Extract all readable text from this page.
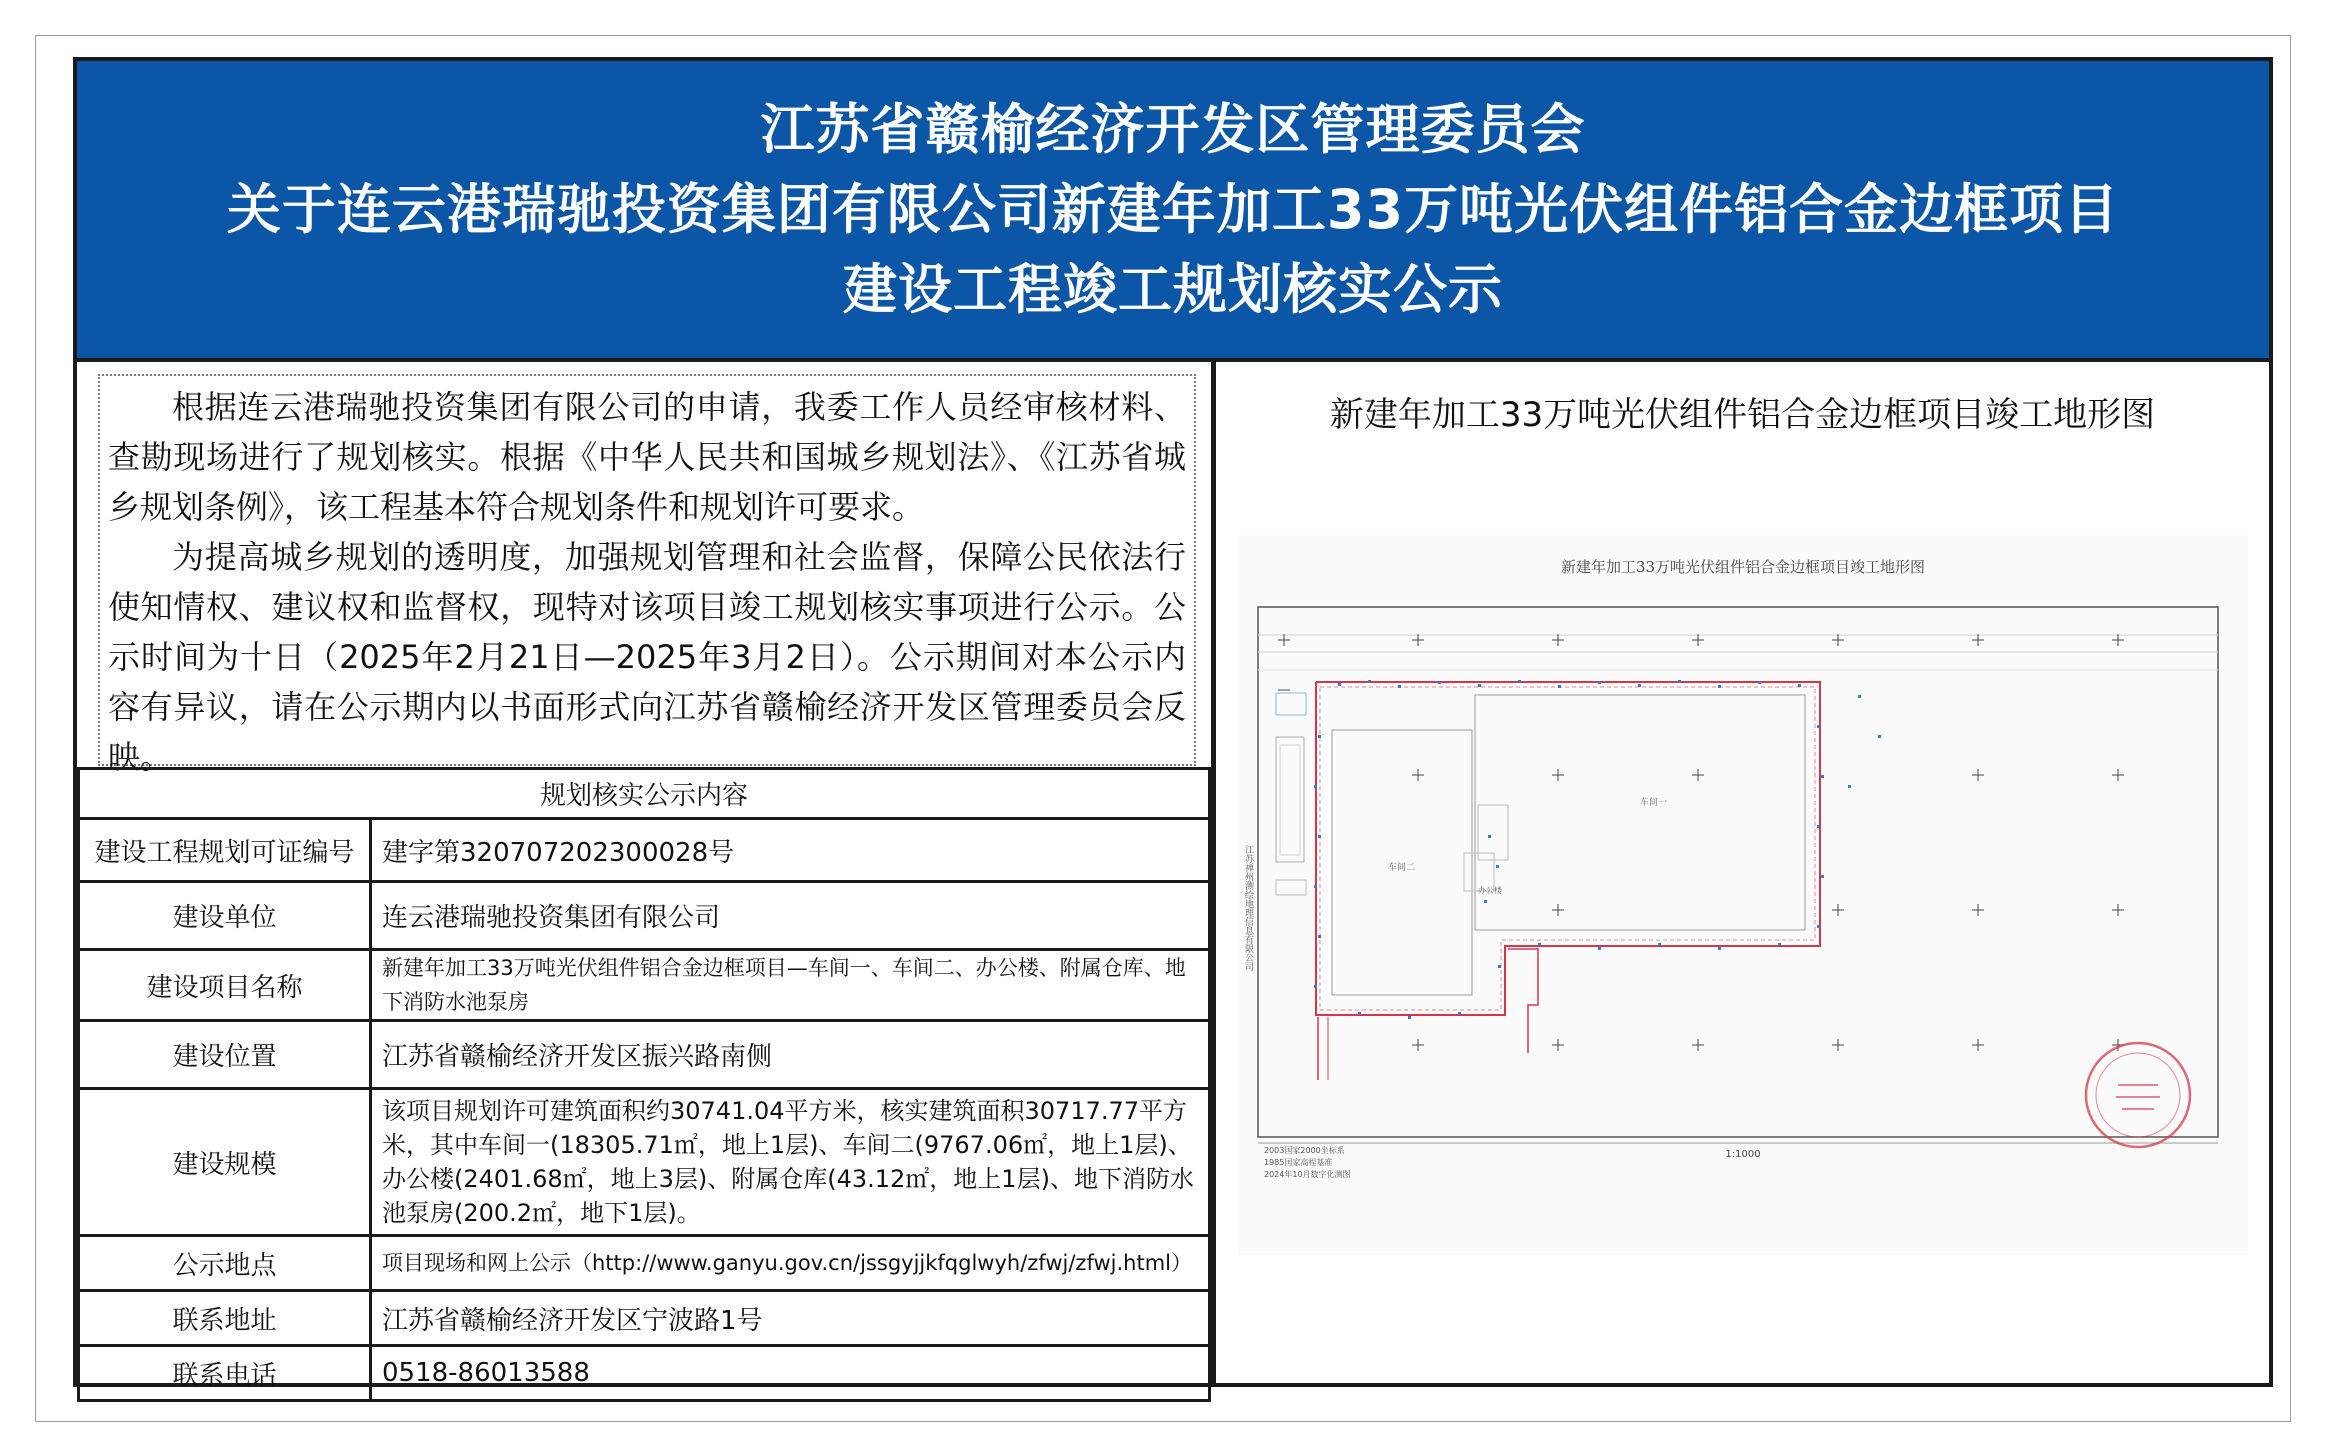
江苏省赣榆经济开发区管理委员会
关于连云港瑞驰投资集团有限公司新建年加工33万吨光伏组件铝合金边框项目
建设工程竣工规划核实公示

根据连云港瑞驰投资集团有限公司的申请，我委工作人员经审核材料、查勘现场进行了规划核实。根据《中华人民共和国城乡规划法》、《江苏省城乡规划条例》，该工程基本符合规划条件和规划许可要求。

为提高城乡规划的透明度，加强规划管理和社会监督，保障公民依法行使知情权、建议权和监督权，现特对该项目竣工规划核实事项进行公示。公示时间为十日（2025年2月21日—2025年3月2日）。公示期间对本公示内容有异议，请在公示期内以书面形式向江苏省赣榆经济开发区管理委员会反映。

规划核实公示内容	
建设工程规划可证编号	建字第320707202300028号
建设单位	连云港瑞驰投资集团有限公司
建设项目名称	新建年加工33万吨光伏组件铝合金边框项目—车间一、车间二、办公楼、附属仓库、地下消防水池泵房
建设位置	江苏省赣榆经济开发区振兴路南侧
建设规模	该项目规划许可建筑面积约30741.04平方米，核实建筑面积30717.77平方米，其中车间一(18305.71㎡，地上1层)、车间二(9767.06㎡，地上1层)、办公楼(2401.68㎡，地上3层)、附属仓库(43.12㎡，地上1层)、地下消防水池泵房(200.2㎡，地下1层)。
公示地点	项目现场和网上公示（http://www.ganyu.gov.cn/jssgyjjkfqglwyh/zfwj/zfwj.html）
联系地址	江苏省赣榆经济开发区宁波路1号
联系电话	0518-86013588
新建年加工33万吨光伏组件铝合金边框项目竣工地形图
新建年加工33万吨光伏组件铝合金边框项目竣工地形图
车间一
车间二
办公楼
江苏禅州测绘地理信息有限公司
2003国家2000坐标系
1985国家高程基准
2024年10月数字化测图
1:1000
